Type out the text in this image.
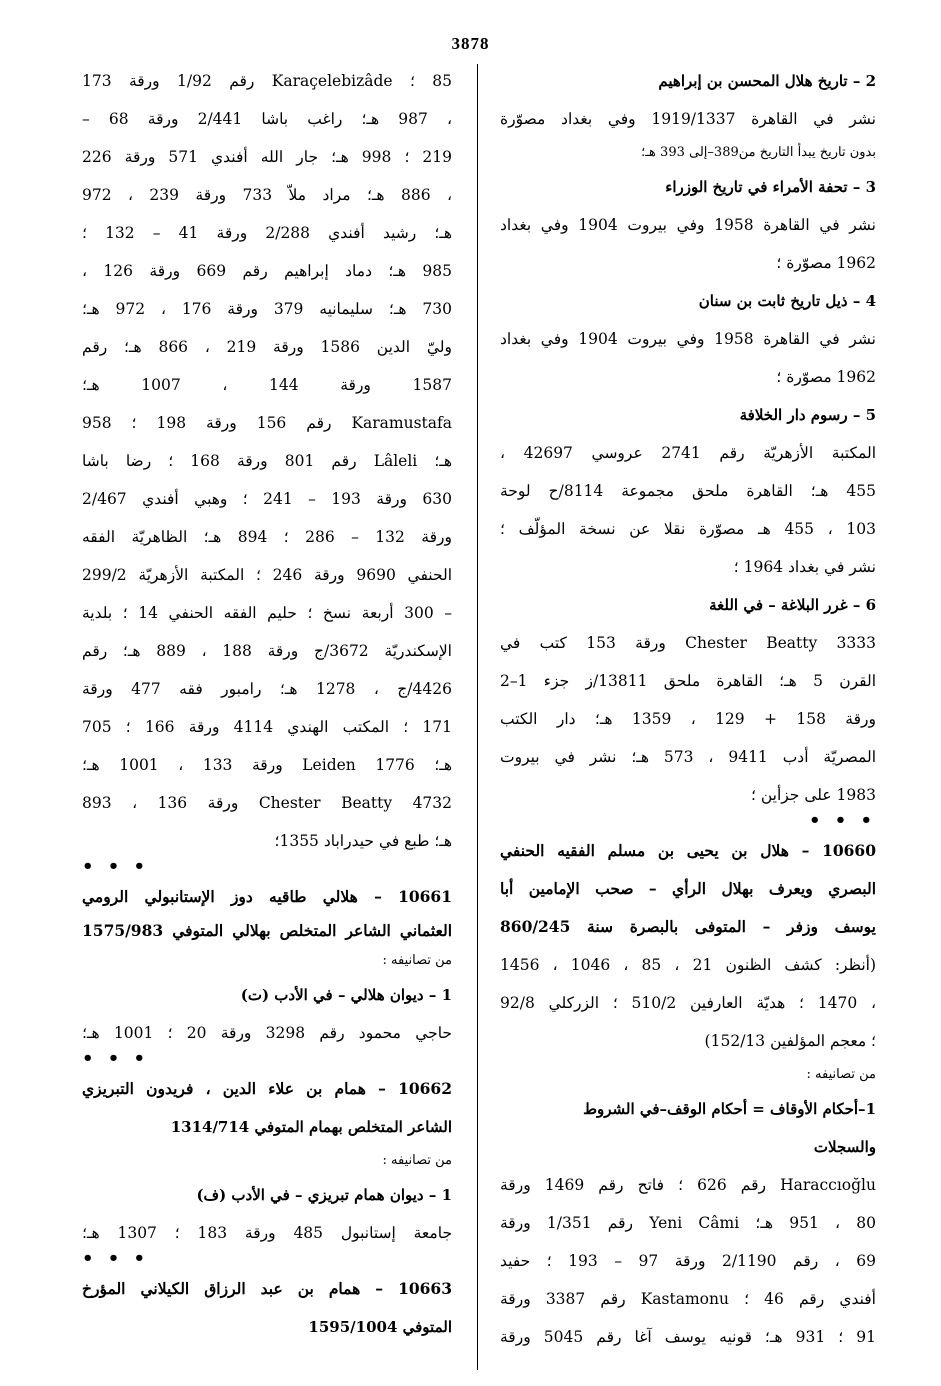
3878
2 – تاريخ هلال المحسن بن إبراهيم
نشر في القاهرة 1919/1337 وفي بغداد مصوّرة
بدون تاريخ يبدأ التاريخ من389–إلى 393 هـ؛
3 – تحفة الأمراء في تاريخ الوزراء
نشر في القاهرة 1958 وفي بيروت 1904 وفي بغداد
1962 مصوّرة ؛
4 – ذيل تاريخ ثابت بن سنان
نشر في القاهرة 1958 وفي بيروت 1904 وفي بغداد
1962 مصوّرة ؛
5 – رسوم دار الخلافة
المكتبة الأزهريّة رقم 2741 عروسي 42697 ،
455 هـ؛ القاهرة ملحق مجموعة 8114/ح لوحة
103 ، 455 هـ مصوّرة نقلا عن نسخة المؤلّف ؛
نشر في بغداد 1964 ؛
6 – غرر البلاغة – في اللغة
Chester Beatty 3333 ورقة 153 كتب في
القرن 5 هـ؛ القاهرة ملحق 13811/ز جزء 1–2
ورقة 158 + 129 ، 1359 هـ؛ دار الكتب
المصريّة أدب 9411 ، 573 هـ؛ نشر في بيروت
1983 على جزأين ؛
• • •
10660 – هلال بن يحيى بن مسلم الفقيه الحنفي
البصري ويعرف بهلال الرأي – صحب الإمامين أبا
يوسف وزفر – المتوفى بالبصرة سنة 860/245
(أنظر: كشف الظنون 21 ، 85 ، 1046 ، 1456
، 1470 ؛ هديّة العارفين 510/2 ؛ الزركلي 92/8
؛ معجم المؤلفين 152/13)
من تصانيفه :
1–أحكام الأوقاف = أحكام الوقف–في الشروط
والسجلات
Haraccıoğlu رقم 626 ؛ فاتح رقم 1469 ورقة
80 ، 951 هـ؛ Yeni Câmi رقم 1/351 ورقة
69 ، رقم 2/1190 ورقة 97 – 193 ؛ حفيد
أفندي رقم 46 ؛ Kastamonu رقم 3387 ورقة
91 ؛ 931 هـ؛ قونيه يوسف آغا رقم 5045 ورقة
85 ؛ Karaçelebizâde رقم 1/92 ورقة 173
، 987 هـ؛ راغب باشا 2/441 ورقة 68 –
219 ؛ 998 هـ؛ جار الله أفندي 571 ورقة 226
، 886 هـ؛ مراد ملاّ 733 ورقة 239 ، 972
هـ؛ رشيد أفندي 2/288 ورقة 41 – 132 ؛
985 هـ؛ دماد إبراهيم رقم 669 ورقة 126 ،
730 هـ؛ سليمانيه 379 ورقة 176 ، 972 هـ؛
وليّ الدين 1586 ورقة 219 ، 866 هـ؛ رقم
1587 ورقة 144 ، 1007 هـ؛
Karamustafa رقم 156 ورقة 198 ؛ 958
هـ؛ Lâleli رقم 801 ورقة 168 ؛ رضا باشا
630 ورقة 193 – 241 ؛ وهبي أفندي 2/467
ورقة 132 – 286 ؛ 894 هـ؛ الظاهريّة الفقه
الحنفي 9690 ورقة 246 ؛ المكتبة الأزهريّة 299/2
– 300 أربعة نسخ ؛ حليم الفقه الحنفي 14 ؛ بلدية
الإسكندريّة 3672/ج ورقة 188 ، 889 هـ؛ رقم
4426/ج ، 1278 هـ؛ رامبور فقه 477 ورقة
171 ؛ المكتب الهندي 4114 ورقة 166 ؛ 705
هـ؛ Leiden 1776 ورقة 133 ، 1001 هـ؛
Chester Beatty 4732 ورقة 136 ، 893
هـ؛ طبع في حيدراباد 1355؛
• • •
10661 – هلالي طاقيه دوز الإستانبولي الرومي
العثماني الشاعر المتخلص بهلالي المتوفي 1575/983
من تصانيفه :
1 – ديوان هلالي – في الأدب (ت)
حاجي محمود رقم 3298 ورقة 20 ؛ 1001 هـ؛
• • •
10662 – همام بن علاء الدين ، فريدون التبريزي
الشاعر المتخلص بهمام المتوفي 1314/714
من تصانيفه :
1 – ديوان همام تبريزي – في الأدب (ف)
جامعة إستانبول 485 ورقة 183 ؛ 1307 هـ؛
• • •
10663 – همام بن عبد الرزاق الكيلاني المؤرخ
المتوفي 1595/1004
